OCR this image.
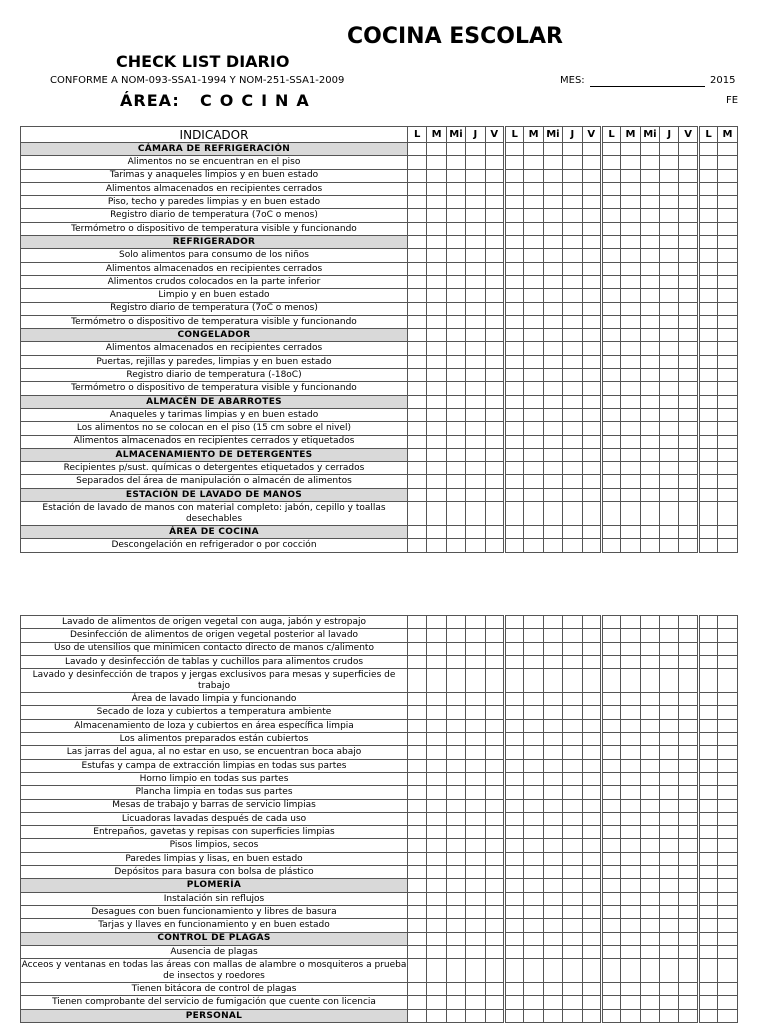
COCINA ESCOLAR
CHECK LIST DIARIO
CONFORME A NOM-093-SSA1-1994 Y NOM-251-SSA1-2009	MES:	2015
ÁREA: COCINA	FE
INDICADOR	L	M	Mi	J	V	L	M	Mi	J	V	L	M	Mi	J	V	L	M
CÁMARA DE REFRIGERACIÓN																	
Alimentos no se encuentran en el piso																	
Tarimas y anaqueles limpios y en buen estado																	
Alimentos almacenados en recipientes cerrados																	
Piso, techo y paredes limpias y en buen estado																	
Registro diario de temperatura (7oC o menos)																	
Termómetro o dispositivo de temperatura visible y funcionando																	
REFRIGERADOR																	
Solo alimentos para consumo de los niños																	
Alimentos almacenados en recipientes cerrados																	
Alimentos crudos colocados en la parte inferior																	
Limpio y en buen estado																	
Registro diario de temperatura (7oC o menos)																	
Termómetro o dispositivo de temperatura visible y funcionando																	
CONGELADOR																	
Alimentos almacenados en recipientes cerrados																	
Puertas, rejillas y paredes, limpias y en buen estado																	
Registro diario de temperatura (-18oC)																	
Termómetro o dispositivo de temperatura visible y funcionando																	
ALMACÉN DE ABARROTES																	
Anaqueles y tarimas limpias y en buen estado																	
Los alimentos no se colocan en el piso (15 cm sobre el nivel)																	
Alimentos almacenados en recipientes cerrados y etiquetados																	
ALMACENAMIENTO DE DETERGENTES																	
Recipientes p/sust. químicas o detergentes etiquetados y cerrados																	
Separados del área de manipulación o almacén de alimentos																	
ESTACIÓN DE LAVADO DE MANOS																	
Estación de lavado de manos con material completo: jabón, cepillo y toallas desechables																	
ÁREA DE COCINA																	
Descongelación en refrigerador o por cocción																	
Lavado de alimentos de origen vegetal con auga, jabón y estropajo																	
Desinfección de alimentos de origen vegetal posterior al lavado																	
Uso de utensilios que minimicen contacto directo de manos c/alimento																	
Lavado y desinfección de tablas y cuchillos para alimentos crudos																	
Lavado y desinfección de trapos y jergas exclusivos para mesas y superficies de trabajo																	
Área de lavado limpia y funcionando																	
Secado de loza y cubiertos a temperatura ambiente																	
Almacenamiento de loza y cubiertos en área específica limpia																	
Los alimentos preparados están cubiertos																	
Las jarras del agua, al no estar en uso, se encuentran boca abajo																	
Estufas y campa de extracción limpias en todas sus partes																	
Horno limpio en todas sus partes																	
Plancha limpia en todas sus partes																	
Mesas de trabajo y barras de servicio limpias																	
Licuadoras lavadas después de cada uso																	
Entrepaños, gavetas y repisas con superficies limpias																	
Pisos limpios, secos																	
Paredes limpias y lisas, en buen estado																	
Depósitos para basura con bolsa de plástico																	
PLOMERÍA																	
Instalación sin reflujos																	
Desagues con buen funcionamiento y libres de basura																	
Tarjas y llaves en funcionamiento y en buen estado																	
CONTROL DE PLAGAS																	
Ausencia de plagas																	
Acceos y ventanas en todas las áreas con mallas de alambre o mosquiteros a prueba de insectos y roedores																	
Tienen bitácora de control de plagas																	
Tienen comprobante del servicio de fumigación que cuente con licencia																	
PERSONAL																	
